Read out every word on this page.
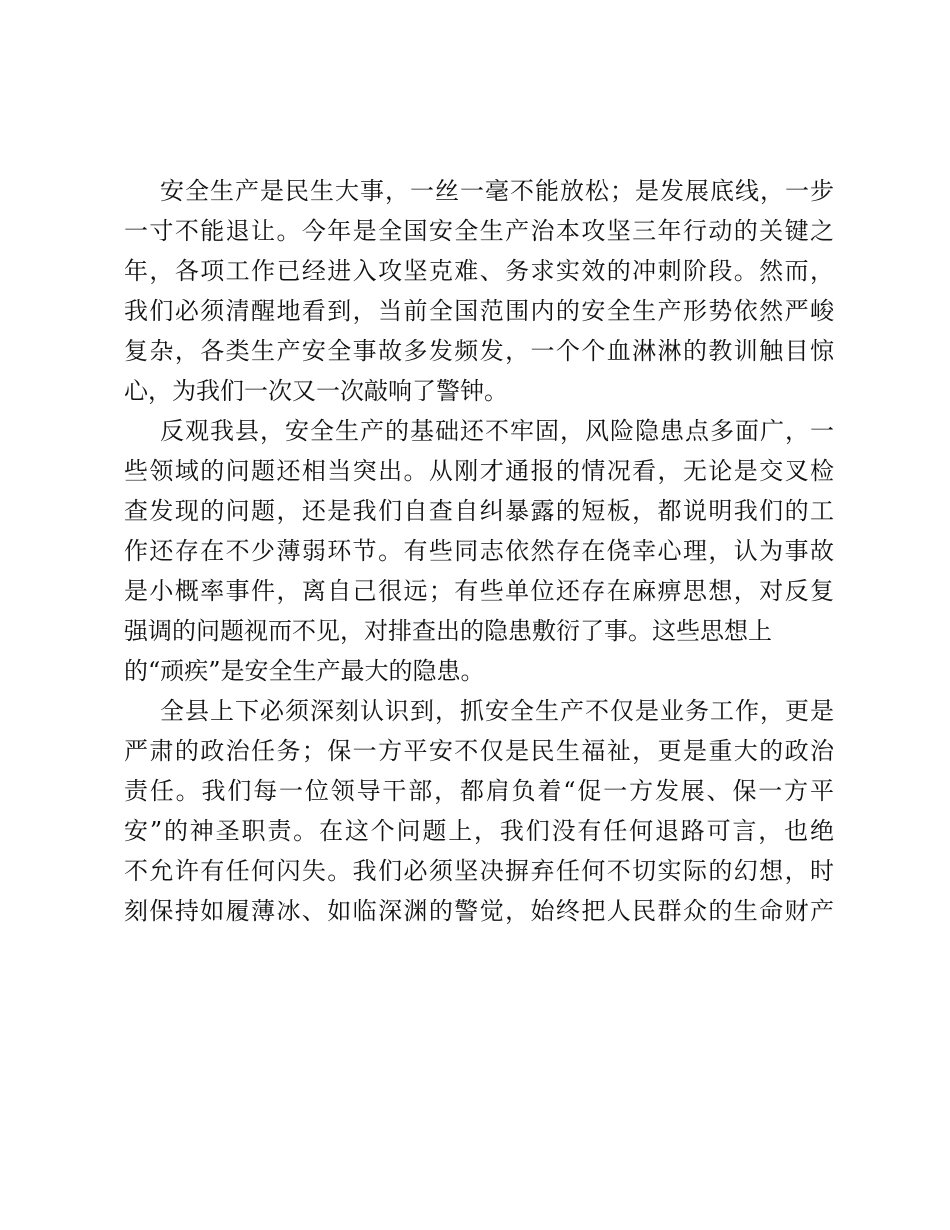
安全生产是民生大事，一丝一毫不能放松；是发展底线，一步
一寸不能退让。今年是全国安全生产治本攻坚三年行动的关键之
年，各项工作已经进入攻坚克难、务求实效的冲刺阶段。然而，
我们必须清醒地看到，当前全国范围内的安全生产形势依然严峻
复杂，各类生产安全事故多发频发，一个个血淋淋的教训触目惊
心，为我们一次又一次敲响了警钟。
反观我县，安全生产的基础还不牢固，风险隐患点多面广，一
些领域的问题还相当突出。从刚才通报的情况看，无论是交叉检
查发现的问题，还是我们自查自纠暴露的短板，都说明我们的工
作还存在不少薄弱环节。有些同志依然存在侥幸心理，认为事故
是小概率事件，离自己很远；有些单位还存在麻痹思想，对反复
强调的问题视而不见，对排查出的隐患敷衍了事。这些思想上
的“顽疾”是安全生产最大的隐患。
全县上下必须深刻认识到，抓安全生产不仅是业务工作，更是
严肃的政治任务；保一方平安不仅是民生福祉，更是重大的政治
责任。我们每一位领导干部，都肩负着“促一方发展、保一方平
安”的神圣职责。在这个问题上，我们没有任何退路可言，也绝
不允许有任何闪失。我们必须坚决摒弃任何不切实际的幻想，时
刻保持如履薄冰、如临深渊的警觉，始终把人民群众的生命财产
